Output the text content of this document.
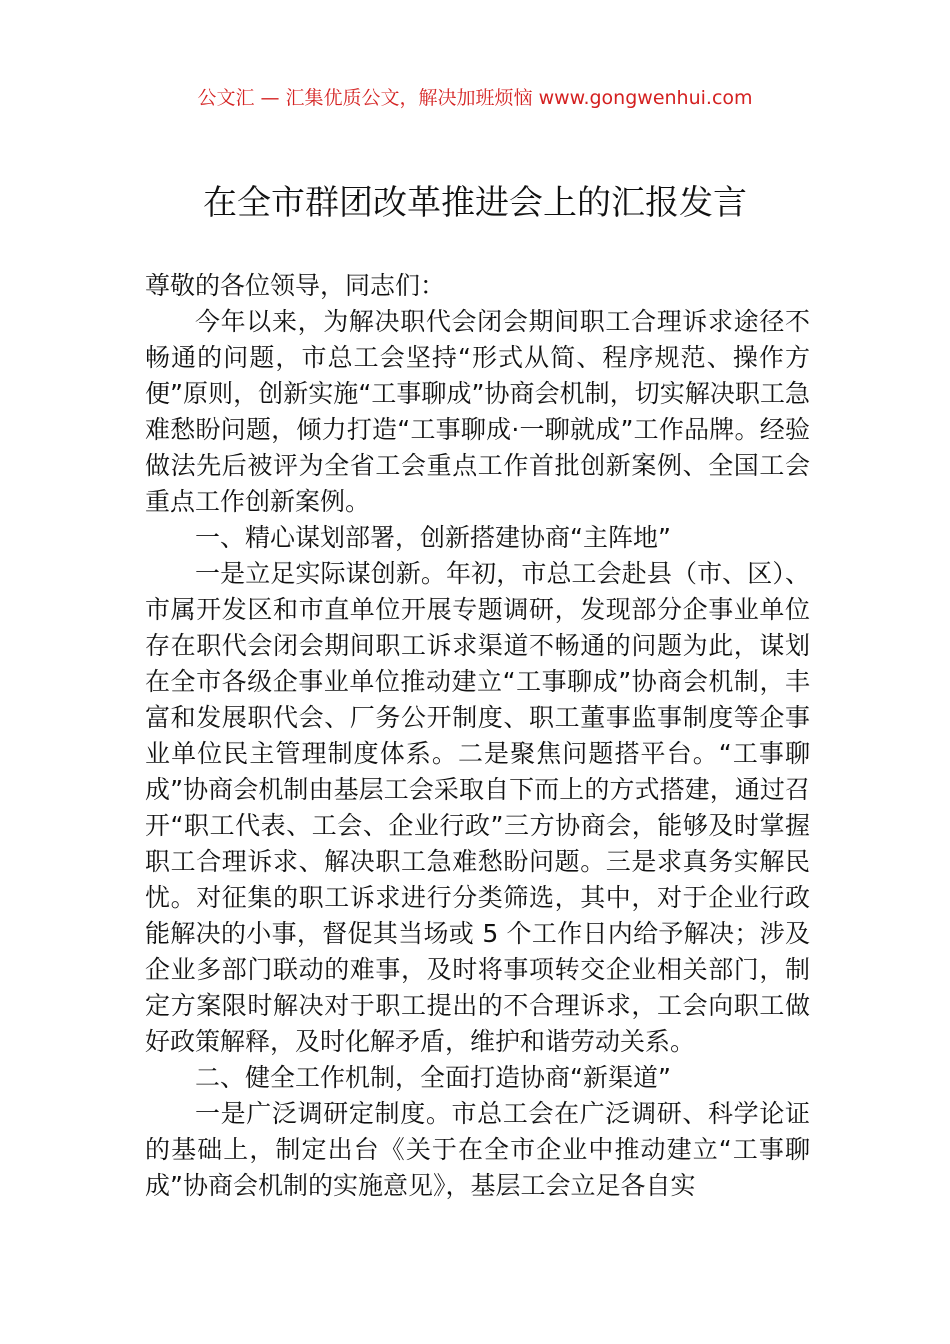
公文汇 — 汇集优质公文，解决加班烦恼 www.gongwenhui.com
在全市群团改革推进会上的汇报发言

尊敬的各位领导，同志们：

今年以来，为解决职代会闭会期间职工合理诉求途径不畅通的问题，市总工会坚持“形式从简、程序规范、操作方便”原则，创新实施“工事聊成”协商会机制，切实解决职工急难愁盼问题，倾力打造“工事聊成·一聊就成”工作品牌。经验做法先后被评为全省工会重点工作首批创新案例、全国工会重点工作创新案例。

一、精心谋划部署，创新搭建协商“主阵地”

一是立足实际谋创新。年初，市总工会赴县（市、区）、市属开发区和市直单位开展专题调研，发现部分企事业单位存在职代会闭会期间职工诉求渠道不畅通的问题为此，谋划在全市各级企事业单位推动建立“工事聊成”协商会机制，丰富和发展职代会、厂务公开制度、职工董事监事制度等企事业单位民主管理制度体系。二是聚焦问题搭平台。“工事聊成”协商会机制由基层工会采取自下而上的方式搭建，通过召开“职工代表、工会、企业行政”三方协商会，能够及时掌握职工合理诉求、解决职工急难愁盼问题。三是求真务实解民忧。对征集的职工诉求进行分类筛选，其中，对于企业行政能解决的小事，督促其当场或 5 个工作日内给予解决；涉及企业多部门联动的难事，及时将事项转交企业相关部门，制定方案限时解决对于职工提出的不合理诉求，工会向职工做好政策解释，及时化解矛盾，维护和谐劳动关系。

二、健全工作机制，全面打造协商“新渠道”

一是广泛调研定制度。市总工会在广泛调研、科学论证的基础上，制定出台《关于在全市企业中推动建立“工事聊成”协商会机制的实施意见》，基层工会立足各自实
